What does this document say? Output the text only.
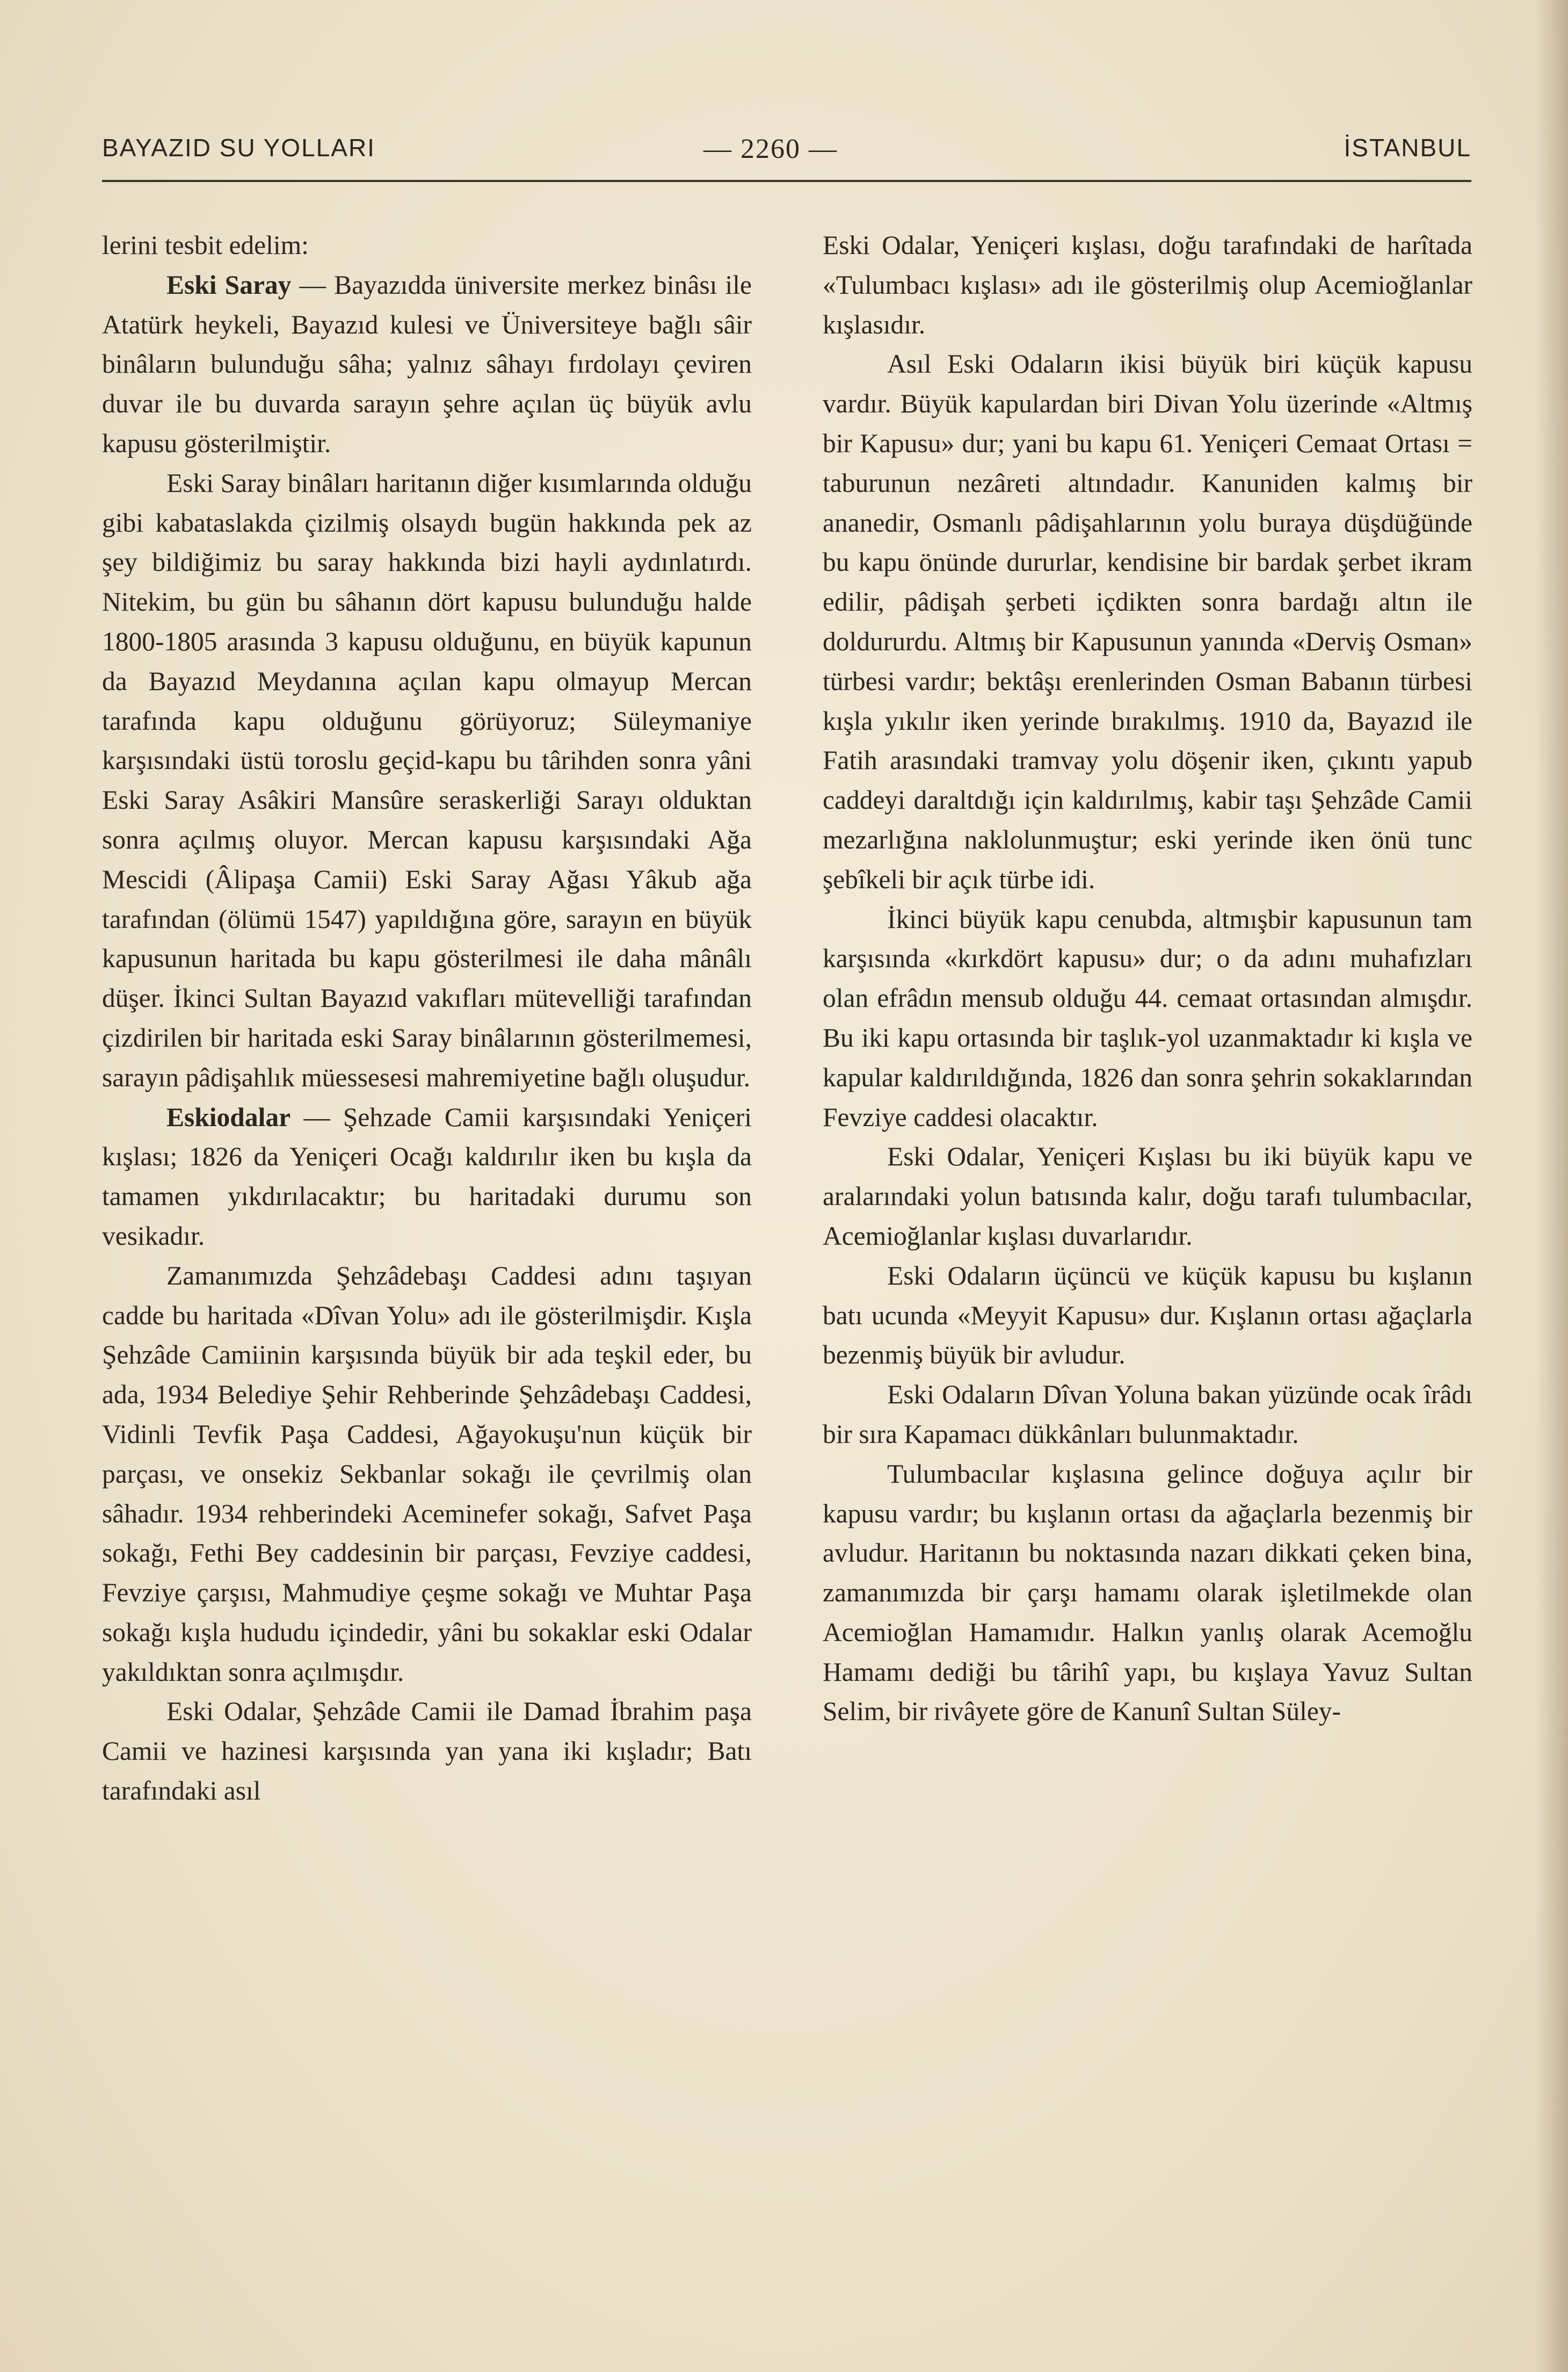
BAYAZID SU YOLLARI	— 2260 —	İSTANBUL

lerini tesbit edelim:

Eski Saray — Bayazıdda üniversite merkez binâsı ile Atatürk heykeli, Bayazıd kulesi ve Üniversiteye bağlı sâir binâların bulunduğu sâha; yalnız sâhayı fırdolayı çeviren duvar ile bu duvarda sarayın şehre açılan üç büyük avlu kapusu gösterilmiştir.

Eski Saray binâları haritanın diğer kısımlarında olduğu gibi kabataslakda çizilmiş olsaydı bugün hakkında pek az şey bildiğimiz bu saray hakkında bizi hayli aydınlatırdı. Nitekim, bu gün bu sâhanın dört kapusu bulunduğu halde 1800-1805 arasında 3 kapusu olduğunu, en büyük kapunun da Bayazıd Meydanına açılan kapu olmayup Mercan tarafında kapu olduğunu görüyoruz; Süleymaniye karşısındaki üstü toroslu geçid-kapu bu târihden sonra yâni Eski Saray Asâkiri Mansûre seraskerliği Sarayı olduktan sonra açılmış oluyor. Mercan kapusu karşısındaki Ağa Mescidi (Âlipaşa Camii) Eski Saray Ağası Yâkub ağa tarafından (ölümü 1547) yapıldığına göre, sarayın en büyük kapusunun haritada bu kapu gösterilmesi ile daha mânâlı düşer. İkinci Sultan Bayazıd vakıfları mütevelliği tarafından çizdirilen bir haritada eski Saray binâlarının gösterilmemesi, sarayın pâdişahlık müessesesi mahremiyetine bağlı oluşudur.

Eskiodalar — Şehzade Camii karşısındaki Yeniçeri kışlası; 1826 da Yeniçeri Ocağı kaldırılır iken bu kışla da tamamen yıkdırılacaktır; bu haritadaki durumu son vesikadır.

Zamanımızda Şehzâdebaşı Caddesi adını taşıyan cadde bu haritada «Dîvan Yolu» adı ile gösterilmişdir. Kışla Şehzâde Camiinin karşısında büyük bir ada teşkil eder, bu ada, 1934 Belediye Şehir Rehberinde Şehzâdebaşı Caddesi, Vidinli Tevfik Paşa Caddesi, Ağayokuşu'nun küçük bir parçası, ve onsekiz Sekbanlar sokağı ile çevrilmiş olan sâhadır. 1934 rehberindeki Aceminefer sokağı, Safvet Paşa sokağı, Fethi Bey caddesinin bir parçası, Fevziye caddesi, Fevziye çarşısı, Mahmudiye çeşme sokağı ve Muhtar Paşa sokağı kışla hududu içindedir, yâni bu sokaklar eski Odalar yakıldıktan sonra açılmışdır.

Eski Odalar, Şehzâde Camii ile Damad İbrahim paşa Camii ve hazinesi karşısında yan yana iki kışladır; Batı tarafındaki asıl

Eski Odalar, Yeniçeri kışlası, doğu tarafındaki de harîtada «Tulumbacı kışlası» adı ile gösterilmiş olup Acemioğlanlar kışlasıdır.

Asıl Eski Odaların ikisi büyük biri küçük kapusu vardır. Büyük kapulardan biri Divan Yolu üzerinde «Altmış bir Kapusu» dur; yani bu kapu 61. Yeniçeri Cemaat Ortası = taburunun nezâreti altındadır. Kanuniden kalmış bir ananedir, Osmanlı pâdişahlarının yolu buraya düşdüğünde bu kapu önünde dururlar, kendisine bir bardak şerbet ikram edilir, pâdişah şerbeti içdikten sonra bardağı altın ile doldururdu. Altmış bir Kapusunun yanında «Derviş Osman» türbesi vardır; bektâşı erenlerinden Osman Babanın türbesi kışla yıkılır iken yerinde bırakılmış. 1910 da, Bayazıd ile Fatih arasındaki tramvay yolu döşenir iken, çıkıntı yapub caddeyi daraltdığı için kaldırılmış, kabir taşı Şehzâde Camii mezarlığına naklolunmuştur; eski yerinde iken önü tunc şebîkeli bir açık türbe idi.

İkinci büyük kapu cenubda, altmışbir kapusunun tam karşısında «kırkdört kapusu» dur; o da adını muhafızları olan efrâdın mensub olduğu 44. cemaat ortasından almışdır. Bu iki kapu ortasında bir taşlık-yol uzanmaktadır ki kışla ve kapular kaldırıldığında, 1826 dan sonra şehrin sokaklarından Fevziye caddesi olacaktır.

Eski Odalar, Yeniçeri Kışlası bu iki büyük kapu ve aralarındaki yolun batısında kalır, doğu tarafı tulumbacılar, Acemioğlanlar kışlası duvarlarıdır.

Eski Odaların üçüncü ve küçük kapusu bu kışlanın batı ucunda «Meyyit Kapusu» dur. Kışlanın ortası ağaçlarla bezenmiş büyük bir avludur.

Eski Odaların Dîvan Yoluna bakan yüzünde ocak îrâdı bir sıra Kapamacı dükkânları bulunmaktadır.

Tulumbacılar kışlasına gelince doğuya açılır bir kapusu vardır; bu kışlanın ortası da ağaçlarla bezenmiş bir avludur. Haritanın bu noktasında nazarı dikkati çeken bina, zamanımızda bir çarşı hamamı olarak işletilmekde olan Acemioğlan Hamamıdır. Halkın yanlış olarak Acemoğlu Hamamı dediği bu târihî yapı, bu kışlaya Yavuz Sultan Selim, bir rivâyete göre de Kanunî Sultan Süley-
